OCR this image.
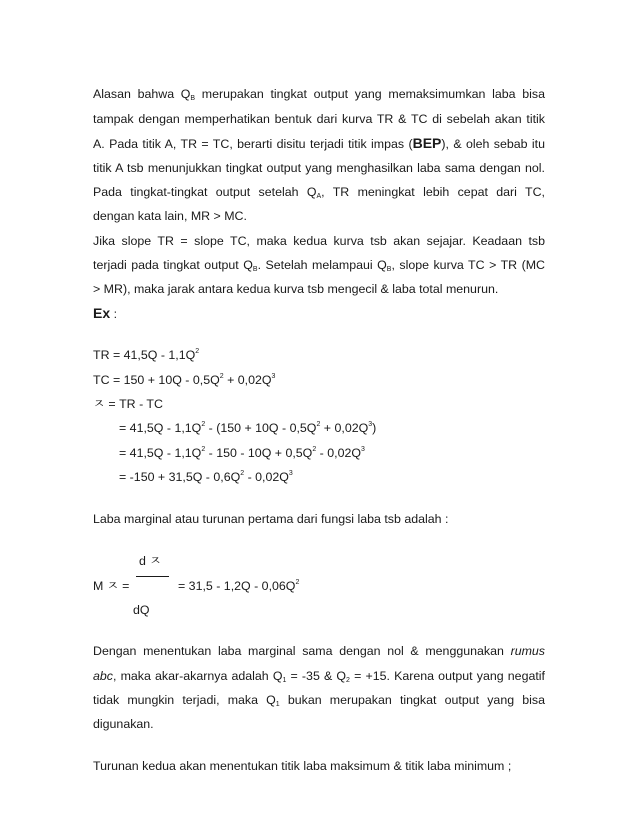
Alasan bahwa $Q_B$ merupakan tingkat output yang memaksimumkan laba bisa
tampak dengan memperhatikan bentuk dari kurva TR & TC di sebelah akan titik
A. Pada titik A, TR = TC, berarti disitu terjadi titik impas (BEP), & oleh sebab itu
titik A tsb menunjukkan tingkat output yang menghasilkan laba sama dengan nol.
Pada tingkat-tingkat output setelah $Q_A$, TR meningkat lebih cepat dari TC,
dengan kata lain, MR > MC.
Jika slope TR = slope TC, maka kedua kurva tsb akan sejajar. Keadaan tsb
terjadi pada tingkat output $Q_B$. Setelah melampaui $Q_B$, slope kurva TC > TR (MC
> MR), maka jarak antara kedua kurva tsb mengecil & laba total menurun.
Ex :
TR = $41,5Q - 1,1Q^2$
TC = $150 + 10Q - 0,5Q^2 + 0,02Q^3$
ㅈ = TR - TC
= $41,5Q - 1,1Q^2 - (150 + 10Q - 0,5Q^2 + 0,02Q^3)$
= $41,5Q - 1,1Q^2 - 150 - 10Q + 0,5Q^2 - 0,02Q^3$
= $-150 + 31,5Q - 0,6Q^2 - 0,02Q^3$
Laba marginal atau turunan pertama dari fungsi laba tsb adalah :
d ㅈ
M ㅈ =	= $31,5 - 1,2Q - 0,06Q^2$
dQ
Dengan menentukan laba marginal sama dengan nol & menggunakan rumus
abc, maka akar-akarnya adalah $Q_1 = -35$ & $Q_2 = +15$. Karena output yang negatif
tidak mungkin terjadi, maka $Q_1$ bukan merupakan tingkat output yang bisa
digunakan.
Turunan kedua akan menentukan titik laba maksimum & titik laba minimum ;
